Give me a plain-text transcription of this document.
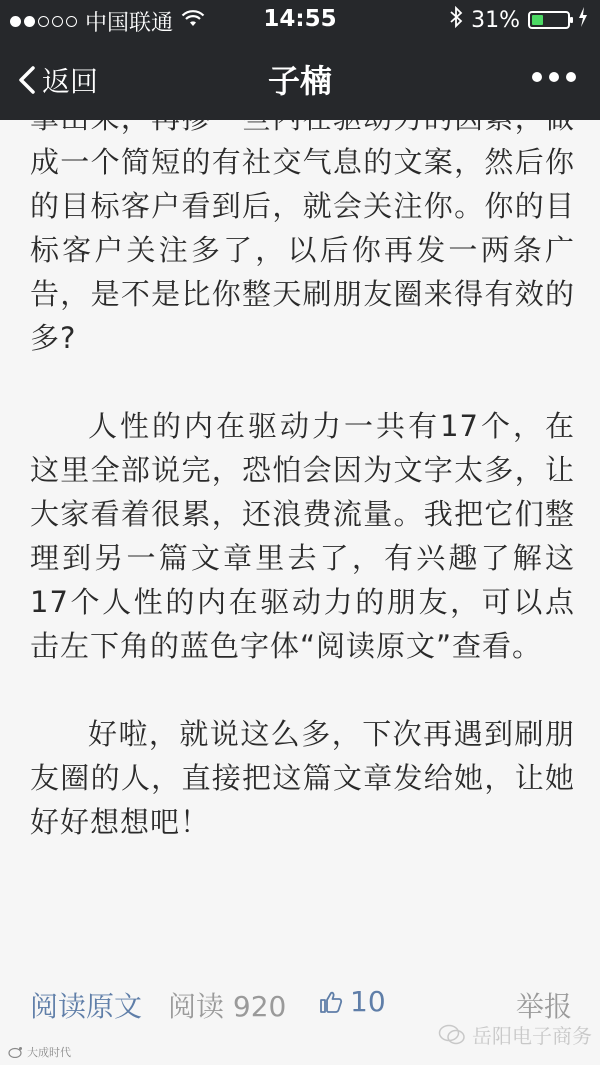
中国联通	14:55	31%
返回	子楠

成一个简短的有社交气息的文案，然后你的目标客户看到后，就会关注你。你的目标客户关注多了，以后你再发一两条广告，是不是比你整天刷朋友圈来得有效的多?

人性的内在驱动力一共有17个，在这里全部说完，恐怕会因为文字太多，让大家看着很累，还浪费流量。我把它们整理到另一篇文章里去了，有兴趣了解这17个人性的内在驱动力的朋友，可以点击左下角的蓝色字体“阅读原文”查看。

好啦，就说这么多，下次再遇到刷朋友圈的人，直接把这篇文章发给她，让她好好想想吧！

阅读原文 阅读 920 10	举报
大成时代
岳阳电子商务
